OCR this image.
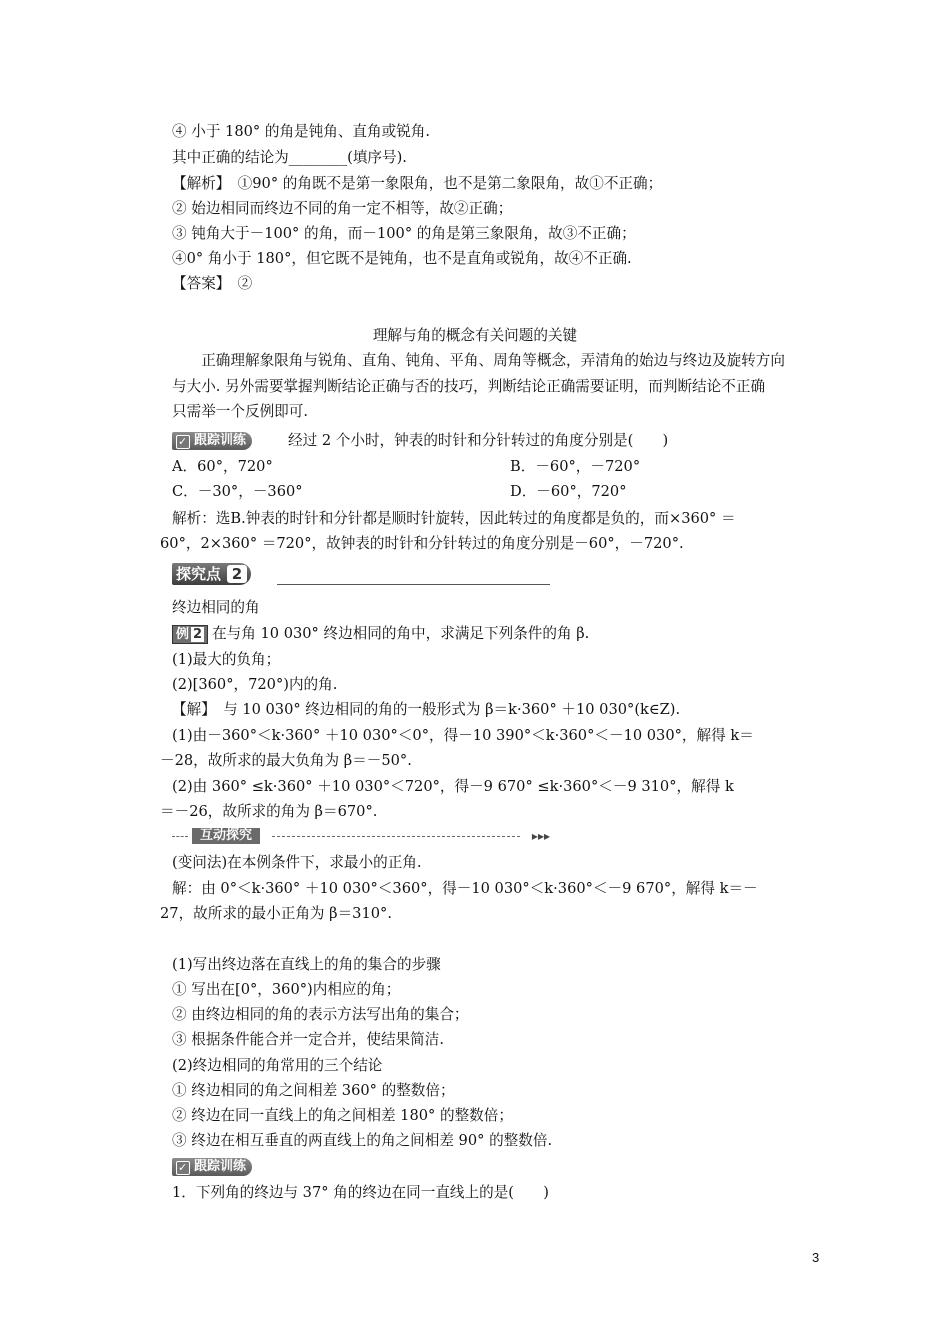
④ 小于 180° 的角是钝角、直角或锐角.
其中正确的结论为________(填序号).
【解析】　①90° 的角既不是第一象限角，也不是第二象限角，故①不正确；
② 始边相同而终边不同的角一定不相等，故②正确；
③ 钝角大于－100° 的角，而－100° 的角是第三象限角，故③不正确；
④0° 角小于 180°，但它既不是钝角，也不是直角或锐角，故④不正确.
【答案】　②
理解与角的概念有关问题的关键
　　正确理解象限角与锐角、直角、钝角、平角、周角等概念，弄清角的始边与终边及旋转方向
与大小. 另外需要掌握判断结论正确与否的技巧，判断结论正确需要证明，而判断结论不正确
只需举一个反例即可.
✓
跟踪训练	经过 2 个小时，钟表的时针和分针转过的角度分别是(　　)
A．60°，720°	B．－60°，－720°
C．－30°，－360°	D．－60°，720°
解析：选B.钟表的时针和分针都是顺时针旋转，因此转过的角度都是负的，而×360° ＝
60°，2×360° ＝720°，故钟表的时针和分针转过的角度分别是－60°，－720°.
探究点 2
终边相同的角
例 2 在与角 10 030° 终边相同的角中，求满足下列条件的角 β.
(1)最大的负角；
(2)[360°，720°)内的角.
【解】　与 10 030° 终边相同的角的一般形式为 β＝k·360° ＋10 030°(k∈Z).
(1)由－360°＜k·360° ＋10 030°＜0°，得－10 390°＜k·360°＜－10 030°，解得 k＝
－28，故所求的最大负角为 β＝－50°.
(2)由 360° ≤k·360° ＋10 030°＜720°，得－9 670° ≤k·360°＜－9 310°，解得 k
＝－26，故所求的角为 β＝670°.
互动探究	▸▸▸
(变问法)在本例条件下，求最小的正角.
解：由 0°＜k·360° ＋10 030°＜360°，得－10 030°＜k·360°＜－9 670°，解得 k＝－
27，故所求的最小正角为 β＝310°.
(1)写出终边落在直线上的角的集合的步骤
① 写出在[0°，360°)内相应的角；
② 由终边相同的角的表示方法写出角的集合；
③ 根据条件能合并一定合并，使结果简洁.
(2)终边相同的角常用的三个结论
① 终边相同的角之间相差 360° 的整数倍；
② 终边在同一直线上的角之间相差 180° 的整数倍；
③ 终边在相互垂直的两直线上的角之间相差 90° 的整数倍.
✓
跟踪训练
1．下列角的终边与 37° 角的终边在同一直线上的是(　　)
3
